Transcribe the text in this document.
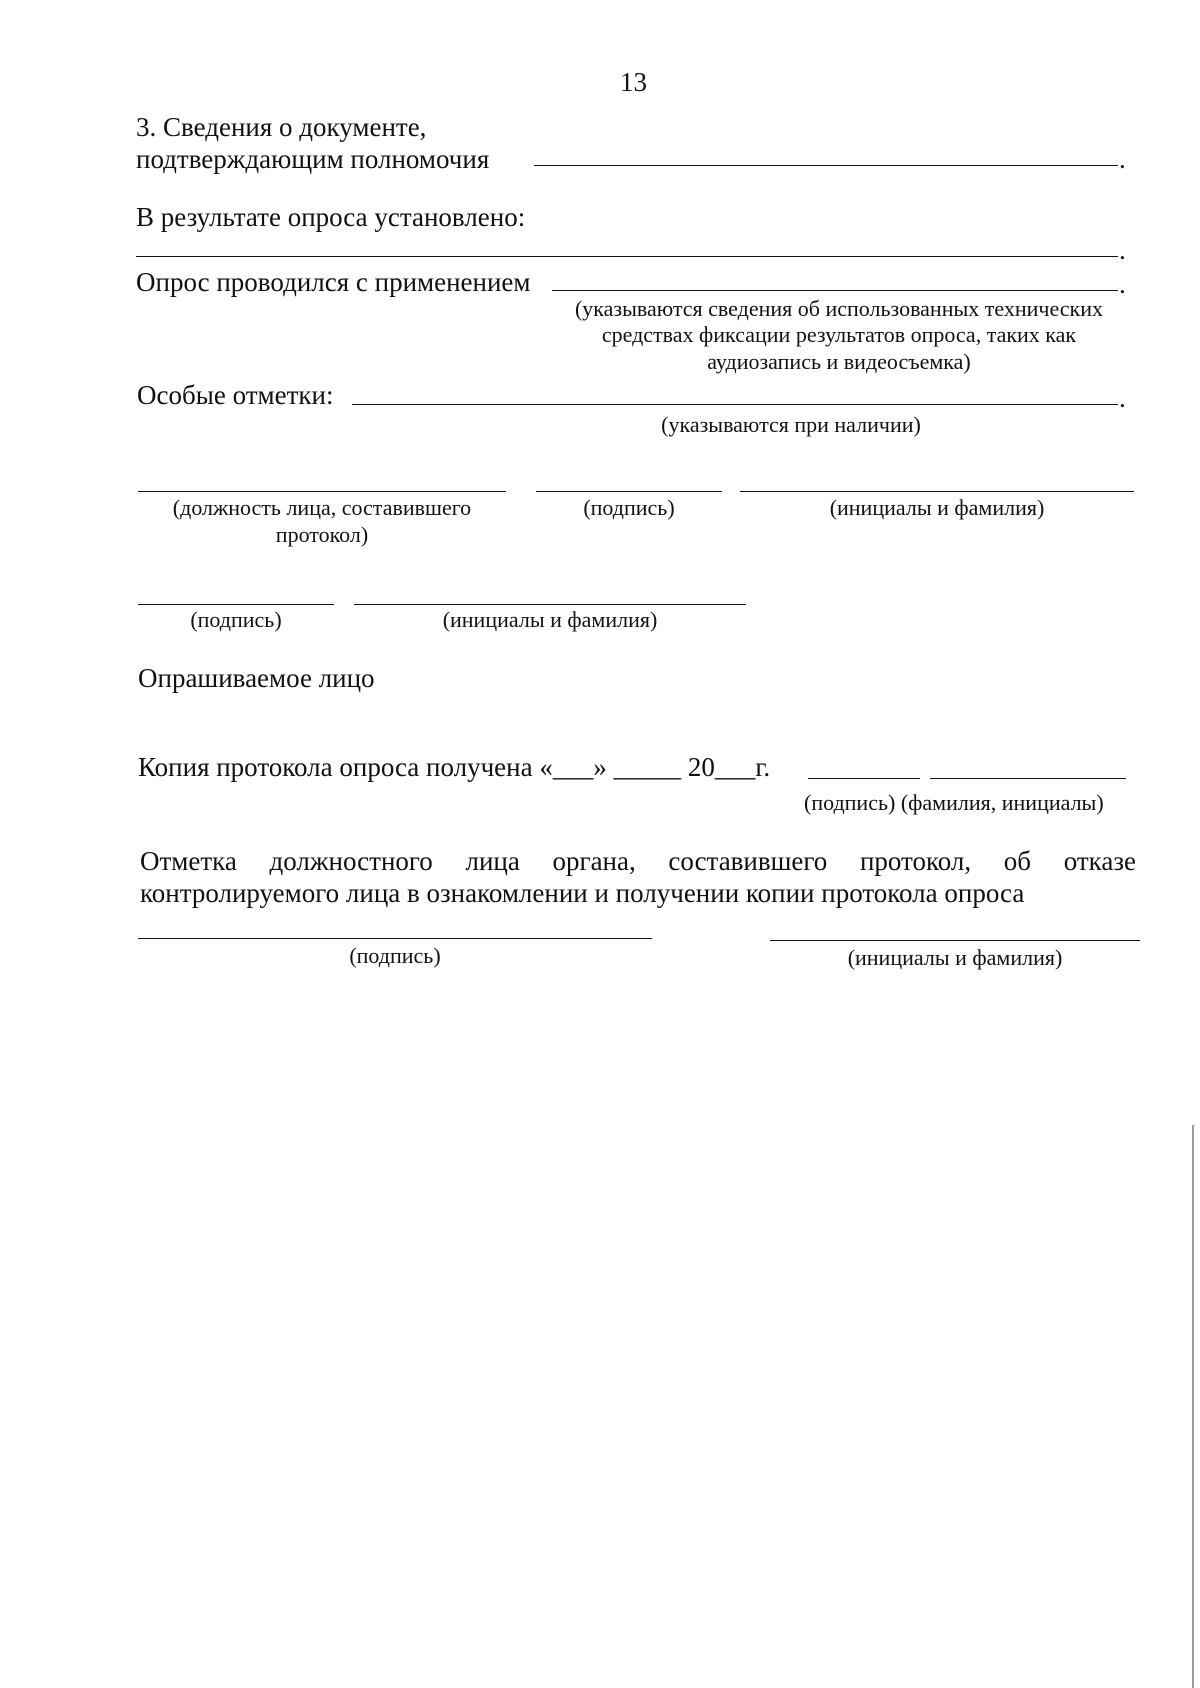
13
3. Сведения о документе,
подтверждающим полномочия	.
В результате опроса установлено:
.
Опрос проводился с применением	.
(указываются сведения об использованных технических
средствах фиксации результатов опроса, таких как
аудиозапись и видеосъемка)
Особые отметки:	.
(указываются при наличии)
(должность лица, составившего
протокол)
(подпись)	(инициалы и фамилия)
(подпись)	(инициалы и фамилия)
Опрашиваемое лицо
Копия протокола опроса получена «___» _____ 20___г.
(подпись) (фамилия, инициалы)
Отметка должностного лица органа, составившего протокол, об отказе
контролируемого лица в ознакомлении и получении копии протокола опроса
(подпись)	(инициалы и фамилия)
